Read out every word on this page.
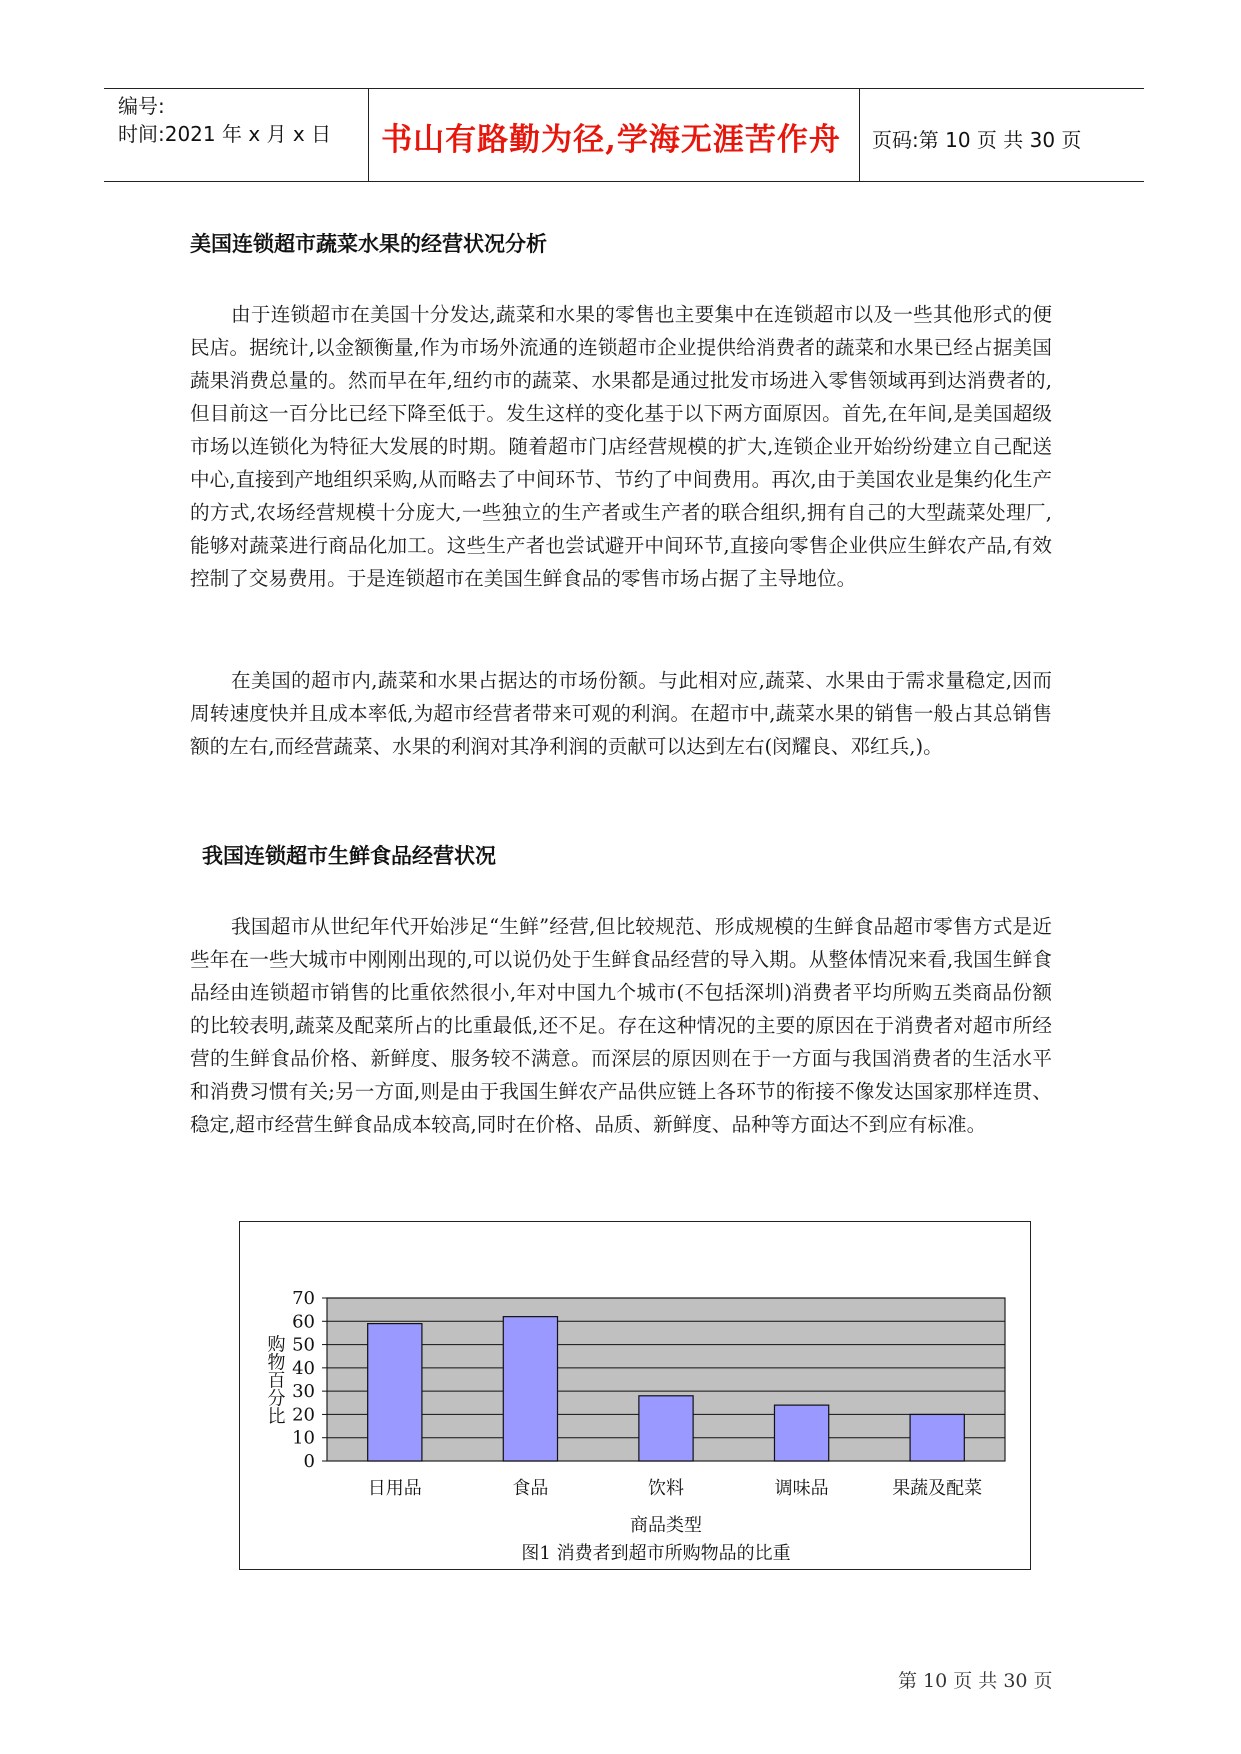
编号:
时间:2021 年 x 月 x 日 书山有路勤为径,学海无涯苦作舟	页码:第 10 页 共 30 页
美国连锁超市蔬菜水果的经营状况分析

由于连锁超市在美国十分发达,蔬菜和水果的零售也主要集中在连锁超市以及一些其他形式的便民店。据统计,以金额衡量,作为市场外流通的连锁超市企业提供给消费者的蔬菜和水果已经占据美国蔬果消费总量的。然而早在年,纽约市的蔬菜、水果都是通过批发市场进入零售领域再到达消费者的,但目前这一百分比已经下降至低于。发生这样的变化基于以下两方面原因。首先,在年间,是美国超级市场以连锁化为特征大发展的时期。随着超市门店经营规模的扩大,连锁企业开始纷纷建立自己配送中心,直接到产地组织采购,从而略去了中间环节、节约了中间费用。再次,由于美国农业是集约化生产的方式,农场经营规模十分庞大,一些独立的生产者或生产者的联合组织,拥有自己的大型蔬菜处理厂,能够对蔬菜进行商品化加工。这些生产者也尝试避开中间环节,直接向零售企业供应生鲜农产品,有效控制了交易费用。于是连锁超市在美国生鲜食品的零售市场占据了主导地位。

在美国的超市内,蔬菜和水果占据达的市场份额。与此相对应,蔬菜、水果由于需求量稳定,因而周转速度快并且成本率低,为超市经营者带来可观的利润。在超市中,蔬菜水果的销售一般占其总销售额的左右,而经营蔬菜、水果的利润对其净利润的贡献可以达到左右(闵耀良、邓红兵,)。

我国连锁超市生鲜食品经营状况

我国超市从世纪年代开始涉足“生鲜”经营,但比较规范、形成规模的生鲜食品超市零售方式是近些年在一些大城市中刚刚出现的,可以说仍处于生鲜食品经营的导入期。从整体情况来看,我国生鲜食品经由连锁超市销售的比重依然很小,年对中国九个城市(不包括深圳)消费者平均所购五类商品份额的比较表明,蔬菜及配菜所占的比重最低,还不足。存在这种情况的主要的原因在于消费者对超市所经营的生鲜食品价格、新鲜度、服务较不满意。而深层的原因则在于一方面与我国消费者的生活水平和消费习惯有关;另一方面,则是由于我国生鲜农产品供应链上各环节的衔接不像发达国家那样连贯、稳定,超市经营生鲜食品成本较高,同时在价格、品质、新鲜度、品种等方面达不到应有标准。

0
10
20
30
40
50
60
70
日用品	食品	饮料	调味品	果蔬及配菜
商品类型
购物百分比
图1 消费者到超市所购物品的比重
第 10 页 共 30 页
